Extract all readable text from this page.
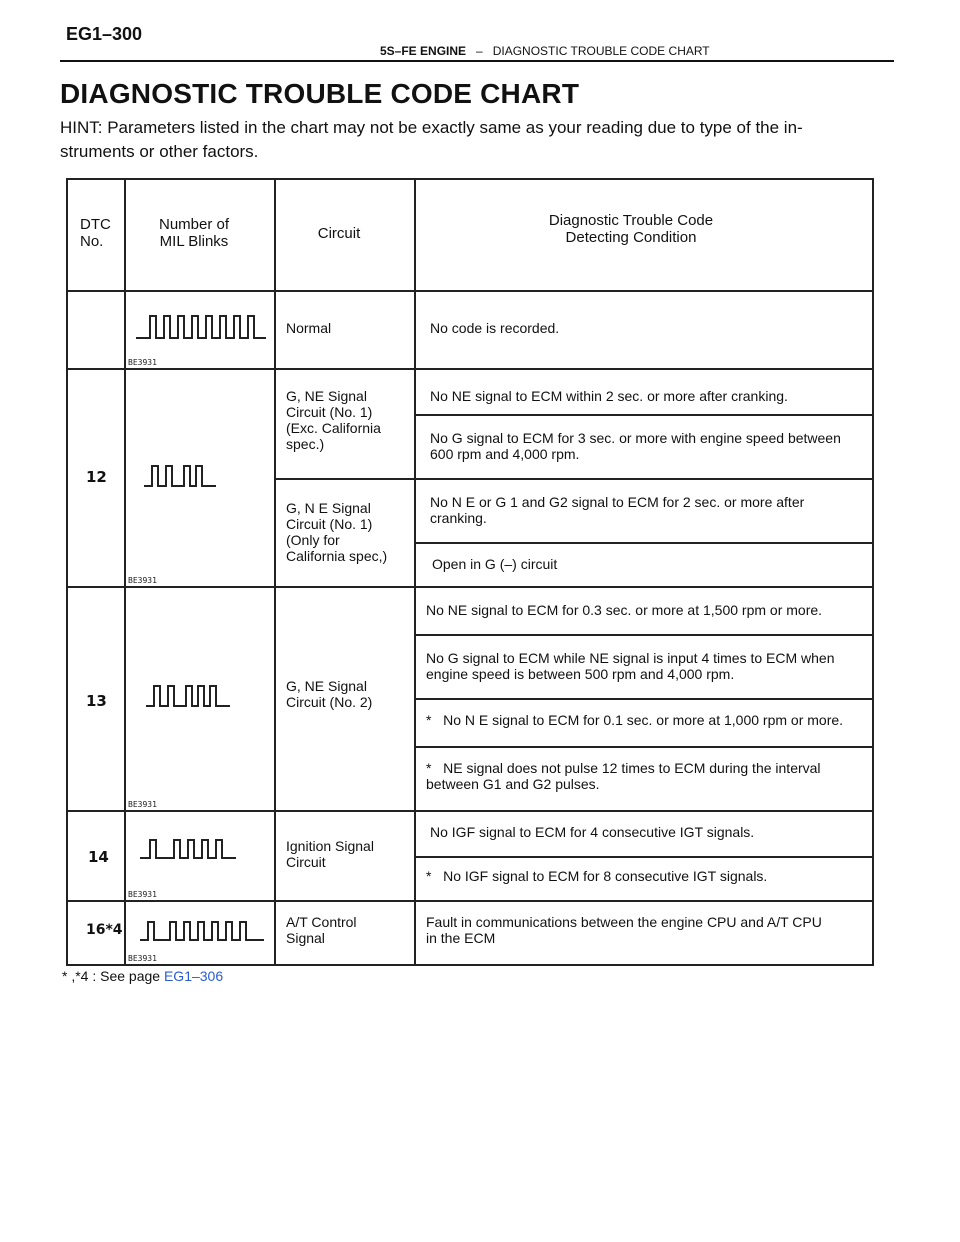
EG1–300
5S–FE ENGINE – DIAGNOSTIC TROUBLE CODE CHART
DIAGNOSTIC TROUBLE CODE CHART
HINT: Parameters listed in the chart may not be exactly same as your reading due to type of the in-
struments or other factors.
DTC
No.
Number of
MIL Blinks	Circuit
Diagnostic Trouble Code
Detecting Condition
BE3931
Normal	No code is recorded.
12
BE3931
G, NE Signal
Circuit (No. 1)
(Exc. California
spec.)
G, N E Signal
Circuit (No. 1)
(Only for
California spec,)
No NE signal to ECM within 2 sec. or more after cranking.
No G signal to ECM for 3 sec. or more with engine speed between
600 rpm and 4,000 rpm.
No N E or G 1 and G2 signal to ECM for 2 sec. or more after
cranking.
Open in G (–) circuit
13
BE3931
G, NE Signal
Circuit (No. 2)
No NE signal to ECM for 0.3 sec. or more at 1,500 rpm or more.
No G signal to ECM while NE signal is input 4 times to ECM when
engine speed is between 500 rpm and 4,000 rpm.
*   No N E signal to ECM for 0.1 sec. or more at 1,000 rpm or more.
*   NE signal does not pulse 12 times to ECM during the interval
between G1 and G2 pulses.
14
BE3931
Ignition Signal
Circuit
No IGF signal to ECM for 4 consecutive IGT signals.
*   No IGF signal to ECM for 8 consecutive IGT signals.
16*4
BE3931
A/T Control
Signal
Fault in communications between the engine CPU and A/T CPU
in the ECM
* ,*4 : See page EG1–306
